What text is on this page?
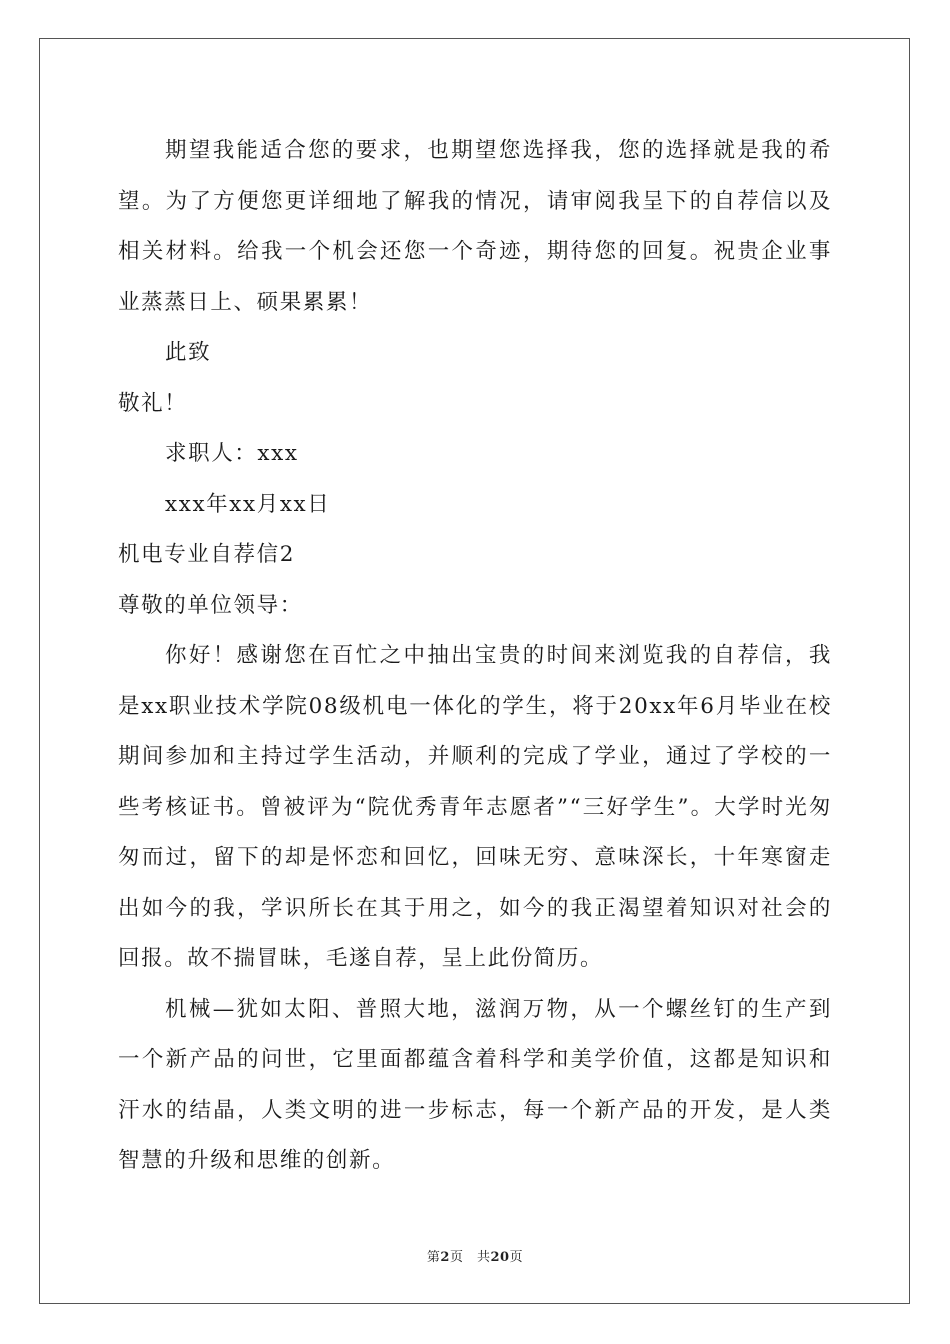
期望我能适合您的要求，也期望您选择我，您的选择就是我的希望。为了方便您更详细地了解我的情况，请审阅我呈下的自荐信以及相关材料。给我一个机会还您一个奇迹，期待您的回复。祝贵企业事业蒸蒸日上、硕果累累！

此致

敬礼！

求职人：xxx

xxx年xx月xx日

机电专业自荐信2

尊敬的单位领导：

你好！感谢您在百忙之中抽出宝贵的时间来浏览我的自荐信，我是xx职业技术学院08级机电一体化的学生，将于20xx年6月毕业在校期间参加和主持过学生活动，并顺利的完成了学业，通过了学校的一些考核证书。曾被评为“院优秀青年志愿者”“三好学生”。大学时光匆匆而过，留下的却是怀恋和回忆，回味无穷、意味深长，十年寒窗走出如今的我，学识所长在其于用之，如今的我正渴望着知识对社会的回报。故不揣冒昧，毛遂自荐，呈上此份简历。

机械—犹如太阳、普照大地，滋润万物，从一个螺丝钉的生产到一个新产品的问世，它里面都蕴含着科学和美学价值，这都是知识和汗水的结晶，人类文明的进一步标志，每一个新产品的开发，是人类智慧的升级和思维的创新。

第2页　共20页
